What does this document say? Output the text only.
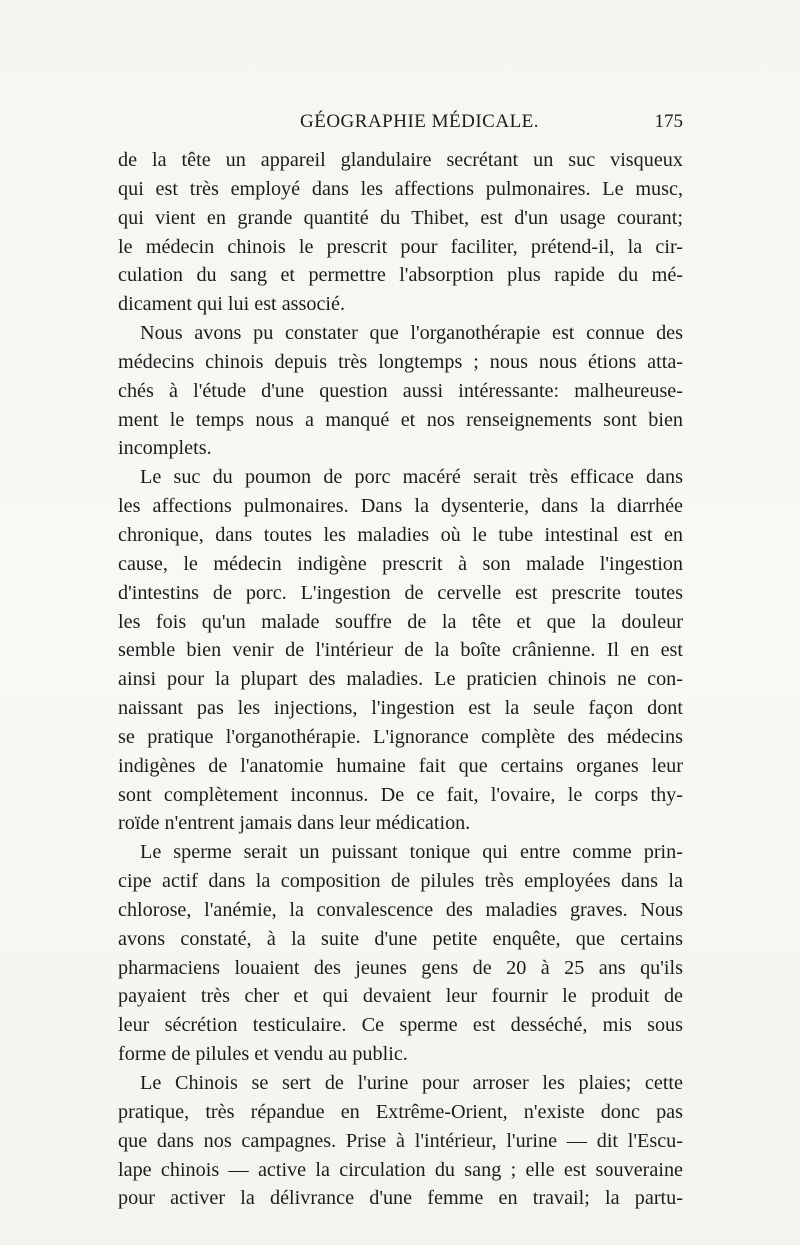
GÉOGRAPHIE MÉDICALE.	175
de la tête un appareil glandulaire secrétant un suc visqueux
qui est très employé dans les affections pulmonaires. Le musc,
qui vient en grande quantité du Thibet, est d'un usage courant;
le médecin chinois le prescrit pour faciliter, prétend-il, la cir-
culation du sang et permettre l'absorption plus rapide du mé-
dicament qui lui est associé.
Nous avons pu constater que l'organothérapie est connue des
médecins chinois depuis très longtemps ; nous nous étions atta-
chés à l'étude d'une question aussi intéressante: malheureuse-
ment le temps nous a manqué et nos renseignements sont bien
incomplets.
Le suc du poumon de porc macéré serait très efficace dans
les affections pulmonaires. Dans la dysenterie, dans la diarrhée
chronique, dans toutes les maladies où le tube intestinal est en
cause, le médecin indigène prescrit à son malade l'ingestion
d'intestins de porc. L'ingestion de cervelle est prescrite toutes
les fois qu'un malade souffre de la tête et que la douleur
semble bien venir de l'intérieur de la boîte crânienne. Il en est
ainsi pour la plupart des maladies. Le praticien chinois ne con-
naissant pas les injections, l'ingestion est la seule façon dont
se pratique l'organothérapie. L'ignorance complète des médecins
indigènes de l'anatomie humaine fait que certains organes leur
sont complètement inconnus. De ce fait, l'ovaire, le corps thy-
roïde n'entrent jamais dans leur médication.
Le sperme serait un puissant tonique qui entre comme prin-
cipe actif dans la composition de pilules très employées dans la
chlorose, l'anémie, la convalescence des maladies graves. Nous
avons constaté, à la suite d'une petite enquête, que certains
pharmaciens louaient des jeunes gens de 20 à 25 ans qu'ils
payaient très cher et qui devaient leur fournir le produit de
leur sécrétion testiculaire. Ce sperme est desséché, mis sous
forme de pilules et vendu au public.
Le Chinois se sert de l'urine pour arroser les plaies; cette
pratique, très répandue en Extrême-Orient, n'existe donc pas
que dans nos campagnes. Prise à l'intérieur, l'urine — dit l'Escu-
lape chinois — active la circulation du sang ; elle est souveraine
pour activer la délivrance d'une femme en travail; la partu-
